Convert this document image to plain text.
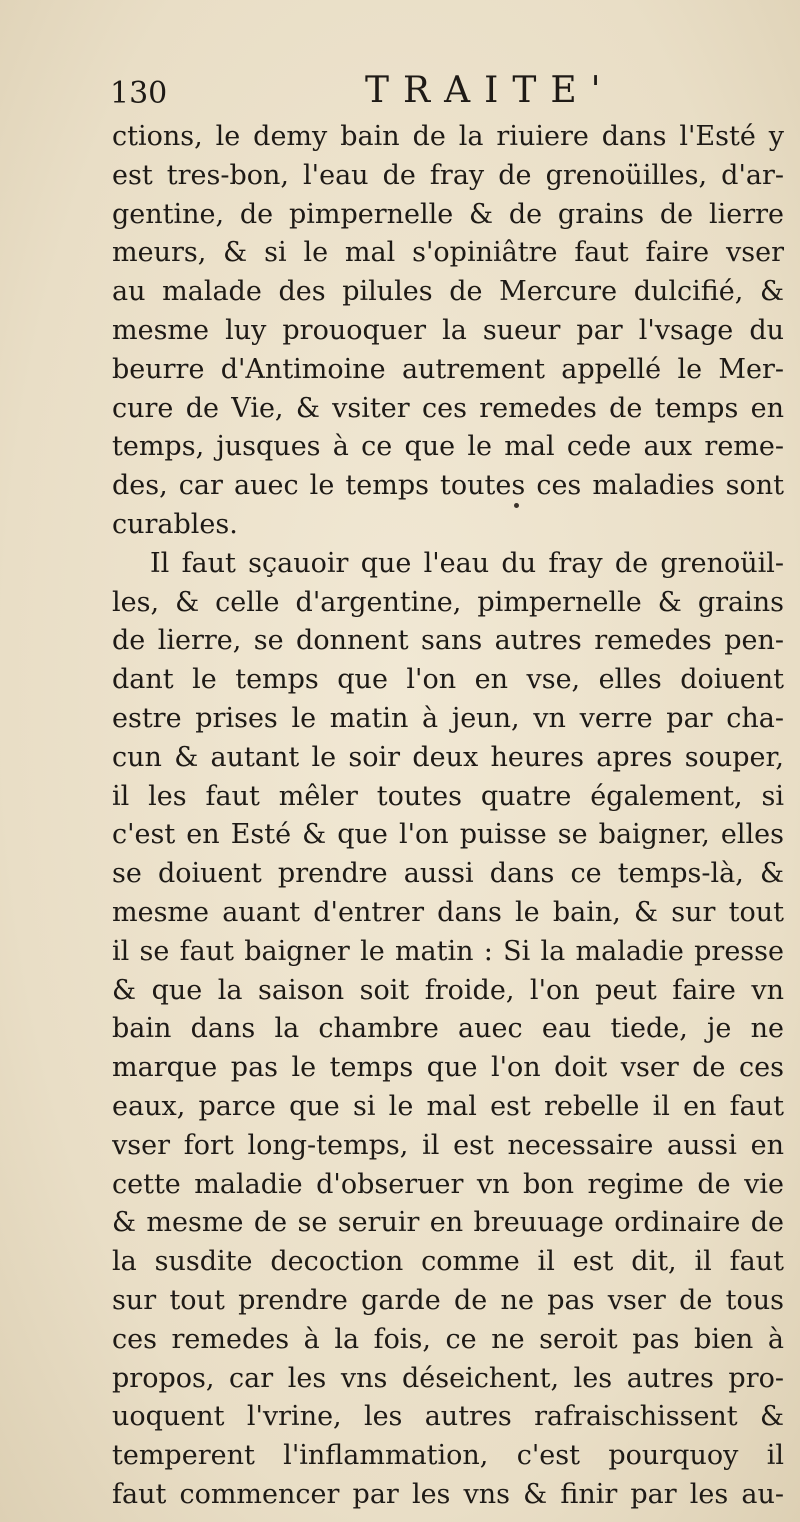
130	TRAITE'
ctions, le demy bain de la riuiere dans l'Esté y
est tres-bon, l'eau de fray de grenoüilles, d'ar-
gentine, de pimpernelle & de grains de lierre
meurs, & si le mal s'opiniâtre faut faire vser
au malade des pilules de Mercure dulcifié, &
mesme luy prouoquer la sueur par l'vsage du
beurre d'Antimoine autrement appellé le Mer-
cure de Vie, & vsiter ces remedes de temps en
temps, jusques à ce que le mal cede aux reme-
des, car auec le temps toutes ces maladies sont
curables.
Il faut sçauoir que l'eau du fray de grenoüil-
les, & celle d'argentine, pimpernelle & grains
de lierre, se donnent sans autres remedes pen-
dant le temps que l'on en vse, elles doiuent
estre prises le matin à jeun, vn verre par cha-
cun & autant le soir deux heures apres souper,
il les faut mêler toutes quatre également, si
c'est en Esté & que l'on puisse se baigner, elles
se doiuent prendre aussi dans ce temps-là, &
mesme auant d'entrer dans le bain, & sur tout
il se faut baigner le matin : Si la maladie presse
& que la saison soit froide, l'on peut faire vn
bain dans la chambre auec eau tiede, je ne
marque pas le temps que l'on doit vser de ces
eaux, parce que si le mal est rebelle il en faut
vser fort long-temps, il est necessaire aussi en
cette maladie d'obseruer vn bon regime de vie
& mesme de se seruir en breuuage ordinaire de
la susdite decoction comme il est dit, il faut
sur tout prendre garde de ne pas vser de tous
ces remedes à la fois, ce ne seroit pas bien à
propos, car les vns déseichent, les autres pro-
uoquent l'vrine, les autres rafraischissent &
temperent l'inflammation, c'est pourquoy il
faut commencer par les vns & finir par les au-
